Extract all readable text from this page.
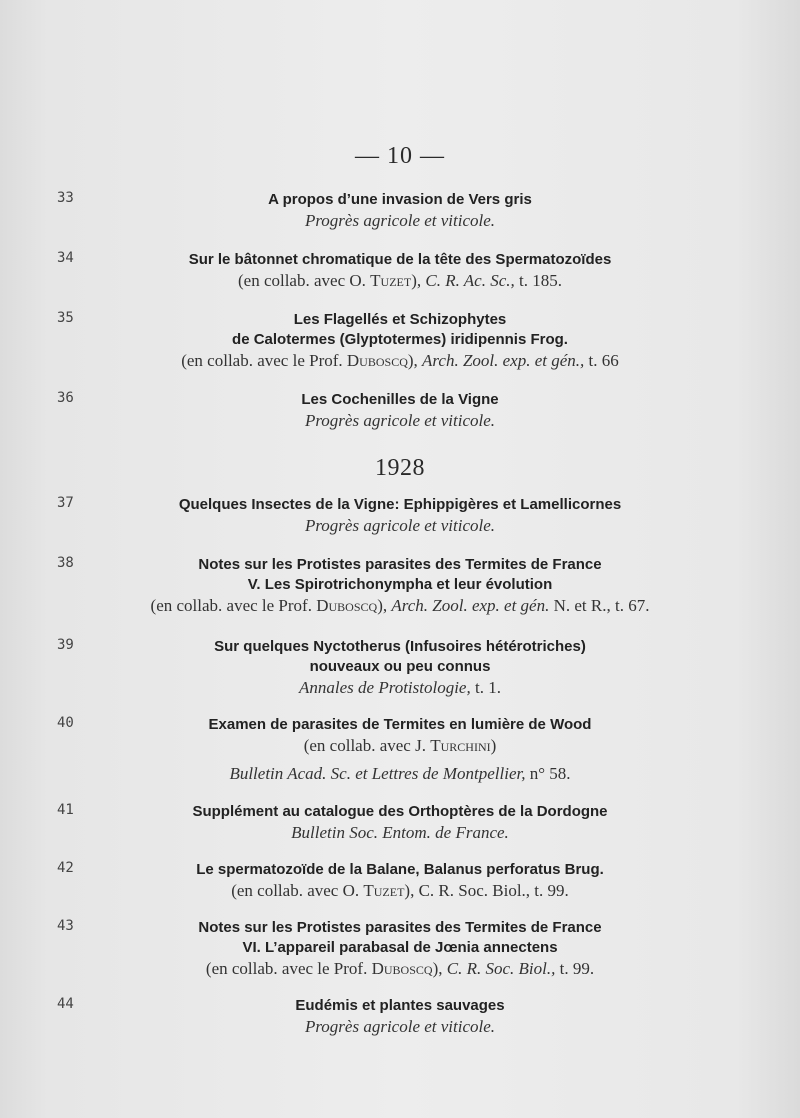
— 10 —
33	A propos d’une invasion de Vers gris
Progrès agricole et viticole.
34	Sur le bâtonnet chromatique de la tête des Spermatozoïdes
(en collab. avec O. Tuzet), C. R. Ac. Sc., t. 185.
35	Les Flagellés et Schizophytes
de Calotermes (Glyptotermes) iridipennis Frog.
(en collab. avec le Prof. Duboscq), Arch. Zool. exp. et gén., t. 66
36	Les Cochenilles de la Vigne
Progrès agricole et viticole.
1928
37	Quelques Insectes de la Vigne: Ephippigères et Lamellicornes
Progrès agricole et viticole.
38	Notes sur les Protistes parasites des Termites de France
V. Les Spirotrichonympha et leur évolution
(en collab. avec le Prof. Duboscq), Arch. Zool. exp. et gén. N. et R., t. 67.
39	Sur quelques Nyctotherus (Infusoires hétérotriches)
nouveaux ou peu connus
Annales de Protistologie, t. 1.
40	Examen de parasites de Termites en lumière de Wood
(en collab. avec J. Turchini)
Bulletin Acad. Sc. et Lettres de Montpellier, n° 58.
41	Supplément au catalogue des Orthoptères de la Dordogne
Bulletin Soc. Entom. de France.
42	Le spermatozoïde de la Balane, Balanus perforatus Brug.
(en collab. avec O. Tuzet), C. R. Soc. Biol., t. 99.
43	Notes sur les Protistes parasites des Termites de France
VI. L’appareil parabasal de Jœnia annectens
(en collab. avec le Prof. Duboscq), C. R. Soc. Biol., t. 99.
44	Eudémis et plantes sauvages
Progrès agricole et viticole.
